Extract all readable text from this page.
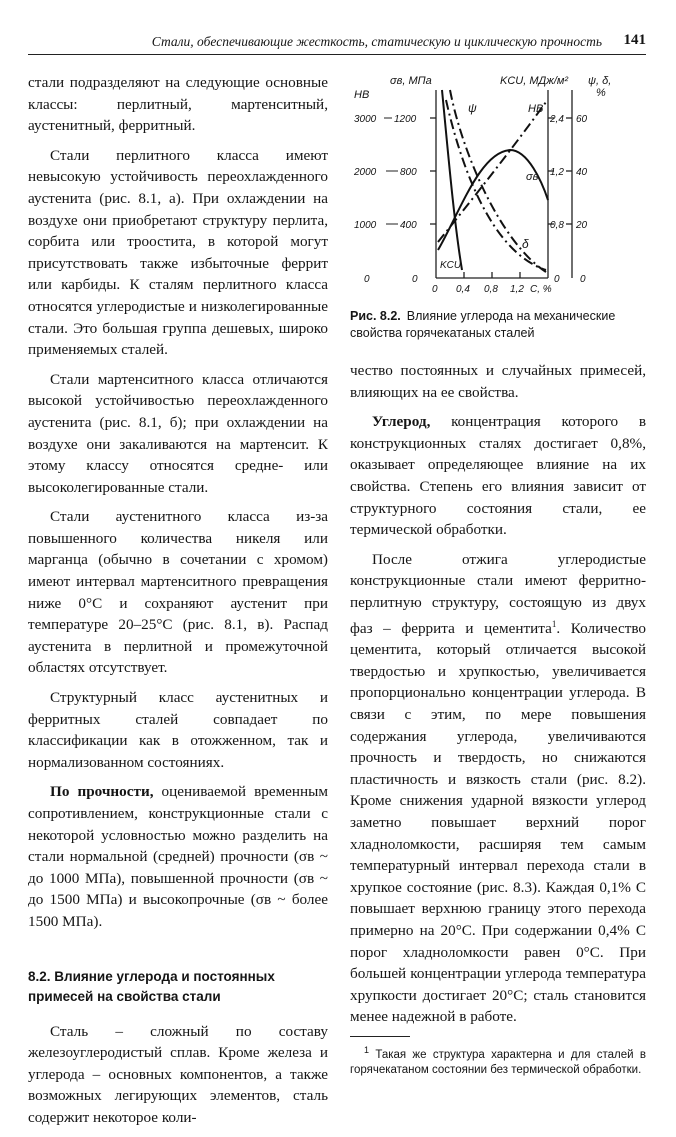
Стали, обеспечивающие жесткость, статическую и циклическую прочность 141

стали подразделяют на следующие основные классы: перлитный, мартенситный, аустенитный, ферритный.

Стали перлитного класса имеют невысокую устойчивость переохлажденного аустенита (рис. 8.1, а). При охлаждении на воздухе они приобретают структуру перлита, сорбита или троостита, в которой могут присутствовать также избыточные феррит или карбиды. К сталям перлитного класса относятся углеродистые и низколегированные стали. Это большая группа дешевых, широко применяемых сталей.

Стали мартенситного класса отличаются высокой устойчивостью переохлажденного аустенита (рис. 8.1, б); при охлаждении на воздухе они закаливаются на мартенсит. К этому классу относятся средне- или высоколегированные стали.

Стали аустенитного класса из-за повышенного количества никеля или марганца (обычно в сочетании с хромом) имеют интервал мартенситного превращения ниже 0°С и сохраняют аустенит при температуре 20–25°С (рис. 8.1, в). Распад аустенита в перлитной и промежуточной областях отсутствует.

Структурный класс аустенитных и ферритных сталей совпадает по классификации как в отожженном, так и нормализованном состояниях.

По прочности, оцениваемой временным сопротивлением, конструкционные стали с некоторой условностью можно разделить на стали нормальной (средней) прочности (σв ~ до 1000 МПа), повышенной прочности (σв ~ до 1500 МПа) и высокопрочные (σв ~ более 1500 МПа).

8.2. Влияние углерода и постоянных примесей на свойства стали

Сталь – сложный по составу железоуглеродистый сплав. Кроме железа и углерода – основных компонентов, а также возможных легирующих элементов, сталь содержит некоторое коли-

HB
σв, МПа	KCU, МДж/м² ψ, δ,
%
3000
2000
1000
0
1200
800
400
0
2,4
1,2
0,8
0
60
40
20
0
0 0,4 0,8 1,2 C, %
ψ	HB
σв
δ
KCU
Рис. 8.2. Влияние углерода на механические свойства горячекатаных сталей

чество постоянных и случайных примесей, влияющих на ее свойства.

Углерод, концентрация которого в конструкционных сталях достигает 0,8%, оказывает определяющее влияние на их свойства. Степень его влияния зависит от структурного состояния стали, ее термической обработки.

После отжига углеродистые конструкционные стали имеют ферритно-перлитную структуру, состоящую из двух фаз – феррита и цементита$^1$. Количество цементита, который отличается высокой твердостью и хрупкостью, увеличивается пропорционально концентрации углерода. В связи с этим, по мере повышения содержания углерода, увеличиваются прочность и твердость, но снижаются пластичность и вязкость стали (рис. 8.2). Кроме снижения ударной вязкости углерод заметно повышает верхний порог хладноломкости, расширяя тем самым температурный интервал перехода стали в хрупкое состояние (рис. 8.3). Каждая 0,1% С повышает верхнюю границу этого перехода примерно на 20°С. При содержании 0,4% С порог хладноломкости равен 0°С. При большей концентрации углерода температура хрупкости достигает 20°С; сталь становится менее надежной в работе.

$^1$ Такая же структура характерна и для сталей в горячекатаном состоянии без термической обработки.
